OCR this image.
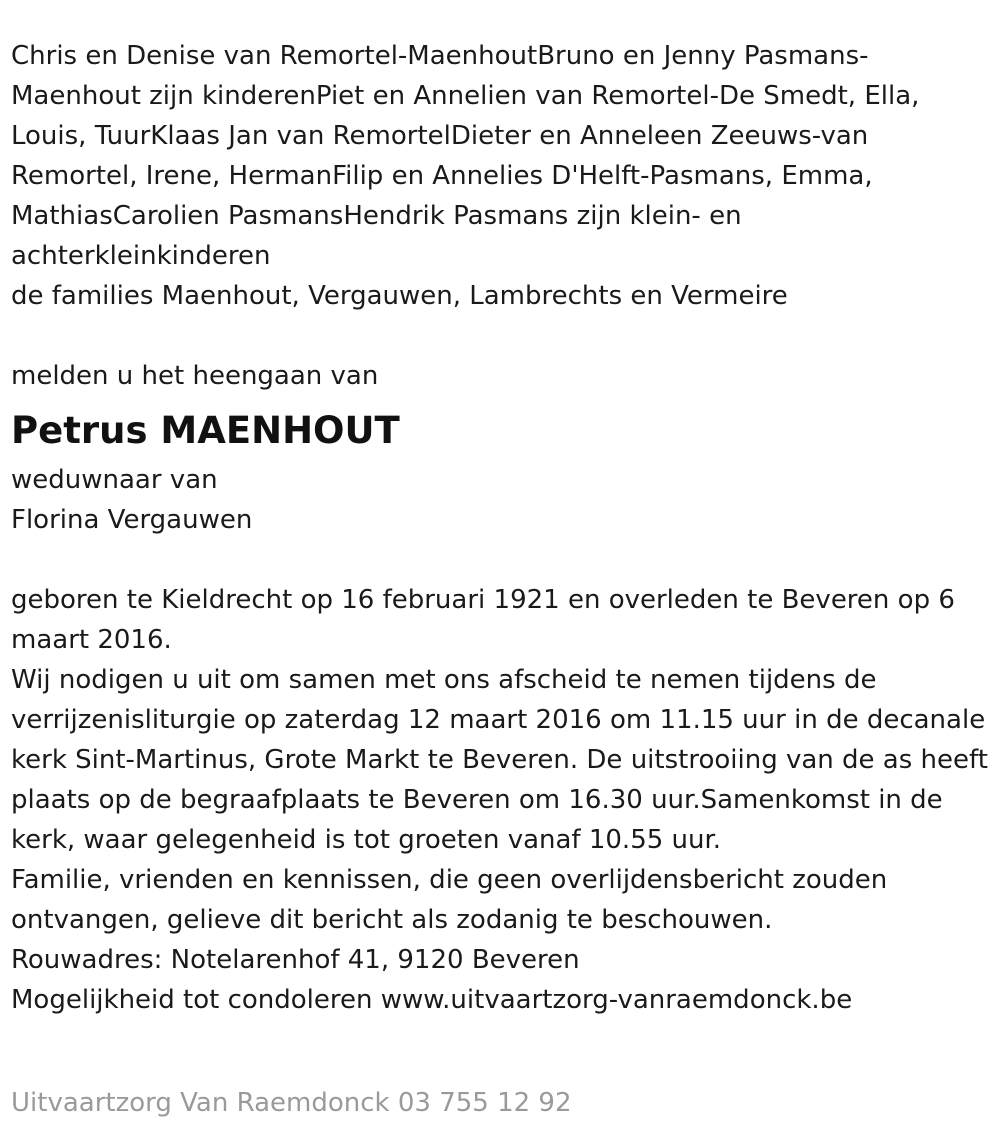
Chris en Denise van Remortel-MaenhoutBruno en Jenny Pasmans-Maenhout zijn kinderenPiet en Annelien van Remortel-De Smedt, Ella, Louis, TuurKlaas Jan van RemortelDieter en Anneleen Zeeuws-van Remortel, Irene, HermanFilip en Annelies D'Helft-Pasmans, Emma, MathiasCarolien PasmansHendrik Pasmans zijn klein- en achterkleinkinderen

de families Maenhout, Vergauwen, Lambrechts en Vermeire

melden u het heengaan van

Petrus MAENHOUT

weduwnaar van

Florina Vergauwen

geboren te Kieldrecht op 16 februari 1921 en overleden te Beveren op 6 maart 2016.

Wij nodigen u uit om samen met ons afscheid te nemen tijdens de verrijzenisliturgie op zaterdag 12 maart 2016 om 11.15 uur in de decanale kerk Sint-Martinus, Grote Markt te Beveren. De uitstrooiing van de as heeft plaats op de begraafplaats te Beveren om 16.30 uur.Samenkomst in de kerk, waar gelegenheid is tot groeten vanaf 10.55 uur.

Familie, vrienden en kennissen, die geen overlijdensbericht zouden ontvangen, gelieve dit bericht als zodanig te beschouwen.

Rouwadres: Notelarenhof 41, 9120 Beveren

Mogelijkheid tot condoleren www.uitvaartzorg-vanraemdonck.be

Uitvaartzorg Van Raemdonck 03 755 12 92
